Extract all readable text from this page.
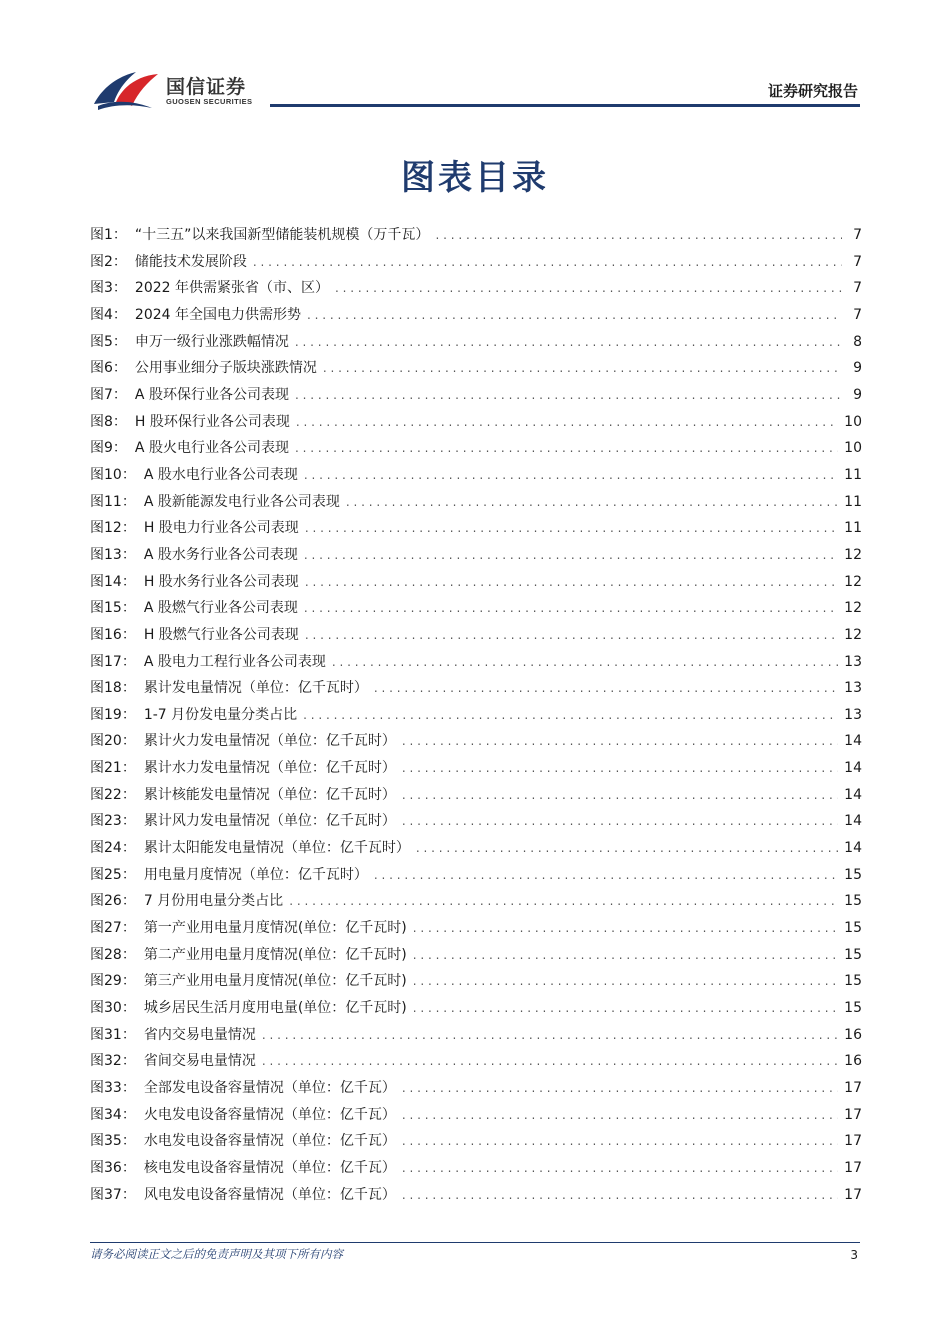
国信证券
GUOSEN SECURITIES
证券研究报告
图表目录
图1： “十三五”以来我国新型储能装机规模（万千瓦） . . .	7
图2： 储能技术发展阶段 . . .	7
图3： 2022 年供需紧张省（市、区） . . .	7
图4： 2024 年全国电力供需形势 . . .	7
图5： 申万一级行业涨跌幅情况 . . .	8
图6： 公用事业细分子版块涨跌情况 . . .	9
图7： A 股环保行业各公司表现 . . .	9
图8： H 股环保行业各公司表现 . . .	10
图9： A 股火电行业各公司表现 . . .	10
图10： A 股水电行业各公司表现 . . .	11
图11： A 股新能源发电行业各公司表现 . . .	11
图12： H 股电力行业各公司表现 . . .	11
图13： A 股水务行业各公司表现 . . .	12
图14： H 股水务行业各公司表现 . . .	12
图15： A 股燃气行业各公司表现 . . .	12
图16： H 股燃气行业各公司表现 . . .	12
图17： A 股电力工程行业各公司表现 . . .	13
图18： 累计发电量情况（单位：亿千瓦时） . . .	13
图19： 1-7 月份发电量分类占比 . . .	13
图20： 累计火力发电量情况（单位：亿千瓦时） . . .	14
图21： 累计水力发电量情况（单位：亿千瓦时） . . .	14
图22： 累计核能发电量情况（单位：亿千瓦时） . . .	14
图23： 累计风力发电量情况（单位：亿千瓦时） . . .	14
图24： 累计太阳能发电量情况（单位：亿千瓦时） . . .	14
图25： 用电量月度情况（单位：亿千瓦时） . . .	15
图26： 7 月份用电量分类占比 . . .	15
图27： 第一产业用电量月度情况(单位：亿千瓦时) . . .	15
图28： 第二产业用电量月度情况(单位：亿千瓦时) . . .	15
图29： 第三产业用电量月度情况(单位：亿千瓦时) . . .	15
图30： 城乡居民生活月度用电量(单位：亿千瓦时) . . .	15
图31： 省内交易电量情况 . . .	16
图32： 省间交易电量情况 . . .	16
图33： 全部发电设备容量情况（单位：亿千瓦） . . .	17
图34： 火电发电设备容量情况（单位：亿千瓦） . . .	17
图35： 水电发电设备容量情况（单位：亿千瓦） . . .	17
图36： 核电发电设备容量情况（单位：亿千瓦） . . .	17
图37： 风电发电设备容量情况（单位：亿千瓦） . . .	17
请务必阅读正文之后的免责声明及其项下所有内容	3
